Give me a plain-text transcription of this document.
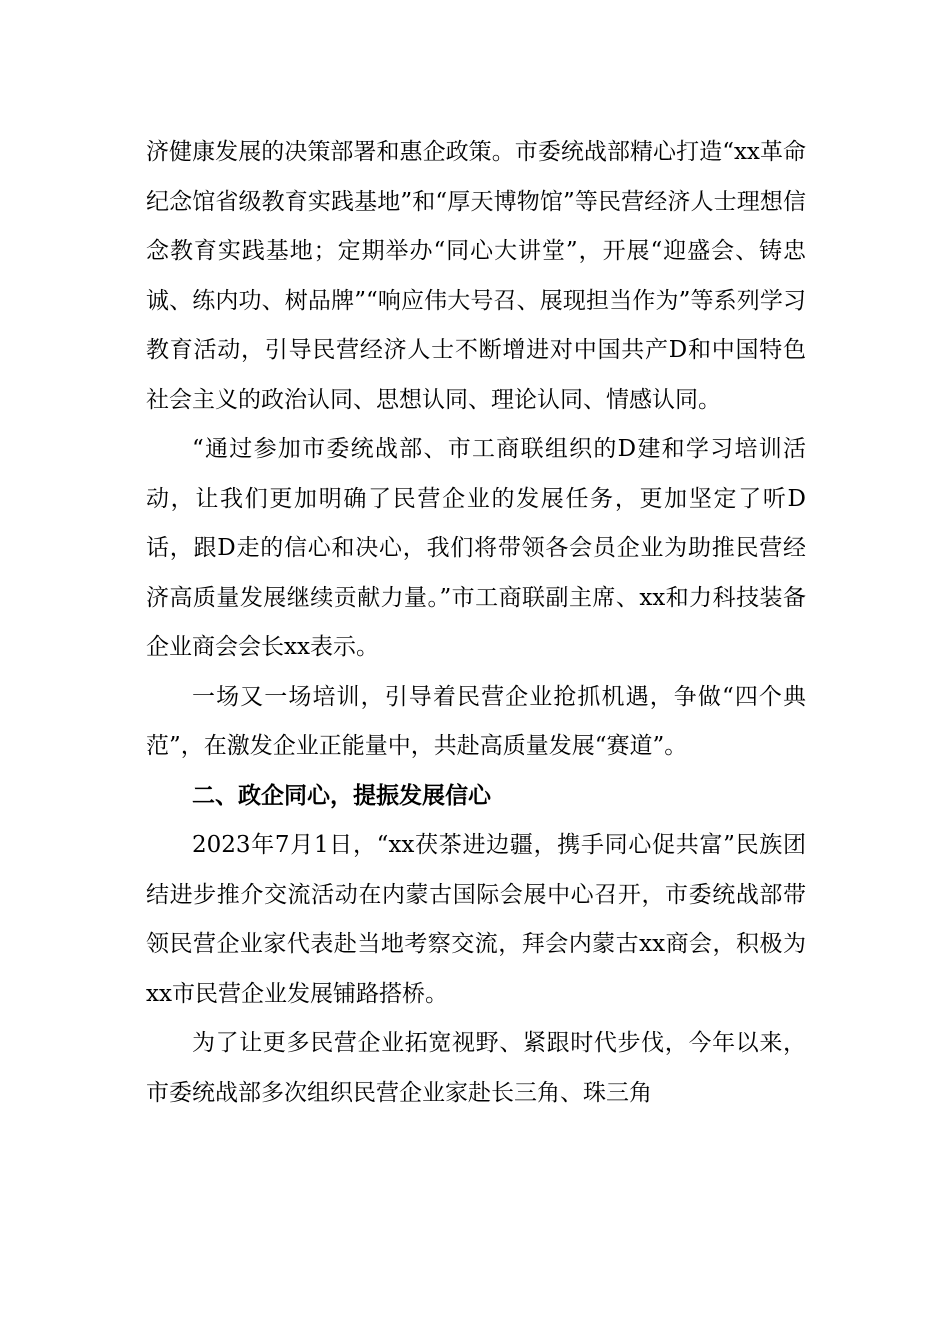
济健康发展的决策部署和惠企政策。市委统战部精心打造“xx革命纪念馆省级教育实践基地”和“厚天博物馆”等民营经济人士理想信念教育实践基地；定期举办“同心大讲堂”，开展“迎盛会、铸忠诚、练内功、树品牌”“响应伟大号召、展现担当作为”等系列学习教育活动，引导民营经济人士不断增进对中国共产D和中国特色社会主义的政治认同、思想认同、理论认同、情感认同。

“通过参加市委统战部、市工商联组织的D建和学习培训活动，让我们更加明确了民营企业的发展任务，更加坚定了听D话，跟D走的信心和决心，我们将带领各会员企业为助推民营经济高质量发展继续贡献力量。”市工商联副主席、xx和力科技装备企业商会会长xx表示。

一场又一场培训，引导着民营企业抢抓机遇，争做“四个典范”，在激发企业正能量中，共赴高质量发展“赛道”。

二、政企同心，提振发展信心

2023年7月1日，“xx茯茶进边疆，携手同心促共富”民族团结进步推介交流活动在内蒙古国际会展中心召开，市委统战部带领民营企业家代表赴当地考察交流，拜会内蒙古xx商会，积极为xx市民营企业发展铺路搭桥。

为了让更多民营企业拓宽视野、紧跟时代步伐，今年以来，市委统战部多次组织民营企业家赴长三角、珠三角
